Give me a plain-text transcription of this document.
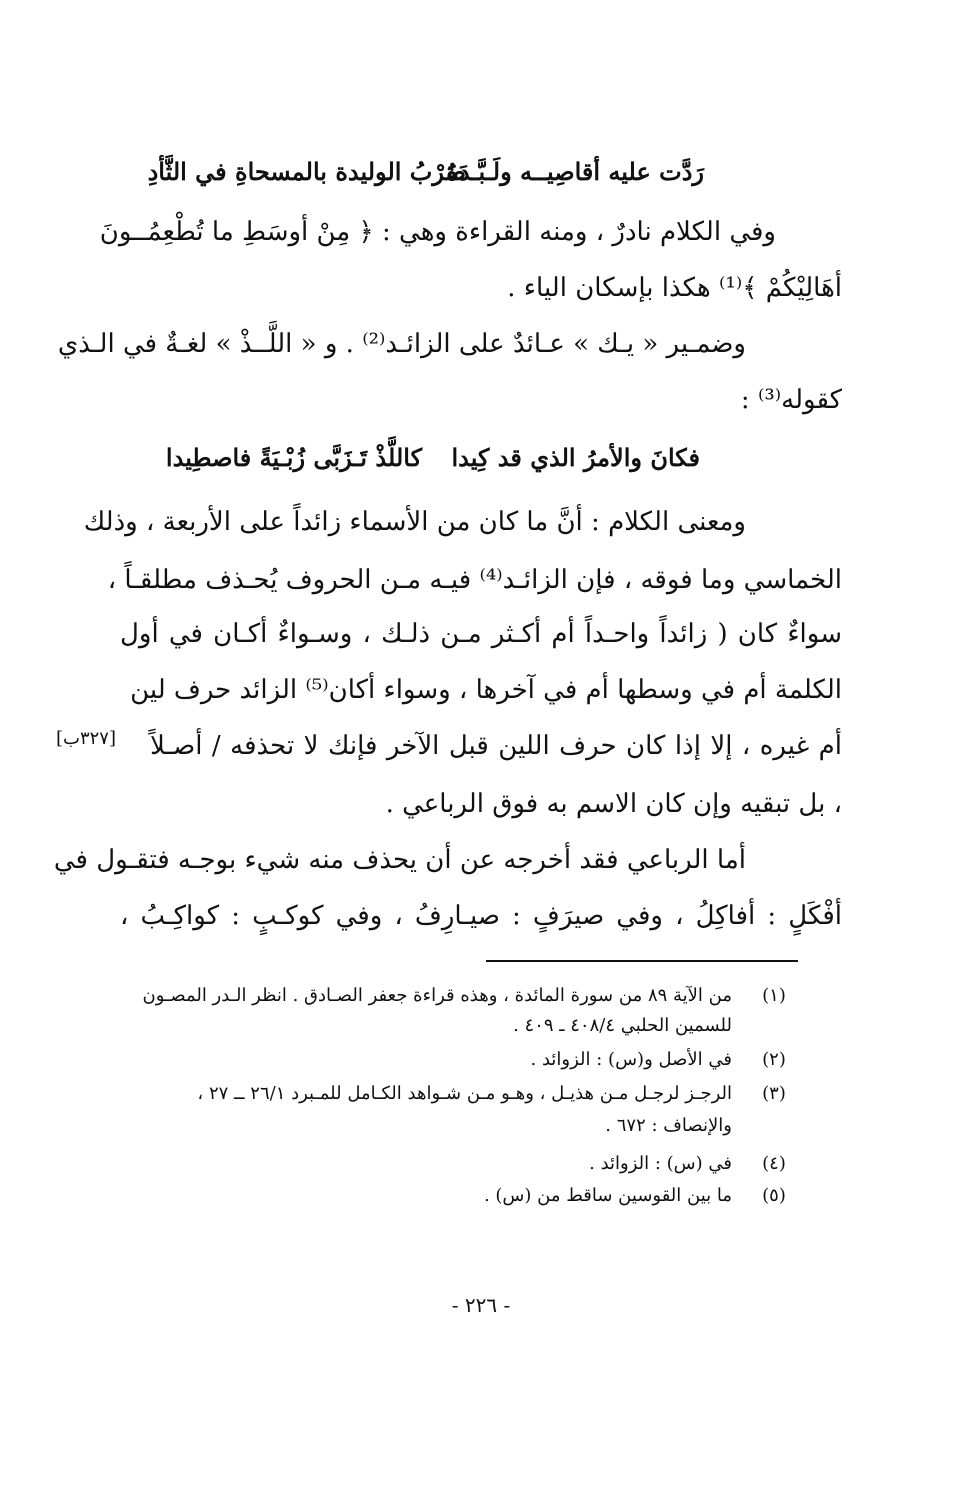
رَدَّت عليه أقاصِيــه ولَـبَّـدَهُ
ضَرْبُ الوليدة بالمسحاةِ في الثَّأدِ
وفي الكلام نادرٌ ، ومنه القراءة وهي : ﴿ مِنْ أوسَطِ ما تُطْعِمُــونَ
أهَالِيْكُمْ ﴾⁽¹⁾ هكذا بإسكان الياء .
وضمـير « يـك » عـائدٌ على الزائـد⁽²⁾ . و « اللَّــذْ » لغـةٌ في الـذي
كقوله⁽³⁾ :
فكانَ والأمرُ الذي قد كِيدا
كاللَّذْ تَـزَبَّى زُبْـيَةً فاصطِيدا
ومعنى الكلام : أنَّ ما كان من الأسماء زائداً على الأربعة ، وذلك
الخماسي وما فوقه ، فإن الزائـد⁽⁴⁾ فيـه مـن الحروف يُحـذف مطلقـاً ،
سواءٌ كان ( زائداً واحـداً أم أكـثر مـن ذلـك ، وسـواءٌ أكـان في أول
الكلمة أم في وسطها أم في آخرها ، وسواء أكان⁽⁵⁾ الزائد حرف لين
أم غيره ، إلا إذا كان حرف اللين قبل الآخر فإنك لا تحذفه / أصـلاً
، بل تبقيه وإن كان الاسم به فوق الرباعي .
[٣٢٧ب]
أما الرباعي فقد أخرجه عن أن يحذف منه شيء بوجـه فتقـول في
أفْكَلٍ : أفاكِلُ ، وفي صيرَفٍ : صيـارِفُ ، وفي كوكـبٍ : كواكِـبُ ،
(١)
من الآية ٨٩ من سورة المائدة ، وهذه قراءة جعفر الصـادق . انظر الـدر المصـون
للسمين الحلبي ٤٠٨/٤ ـ ٤٠٩ .
(٢)
في الأصل و(س) : الزوائد .
(٣)
الرجـز لرجـل مـن هذيـل ، وهـو مـن شـواهد الكـامل للمـبرد ٢٦/١ ــ ٢٧ ،
والإنصاف : ٦٧٢ .
(٤)
في (س) : الزوائد .
(٥)
ما بين القوسين ساقط من (س) .
- ٢٢٦ -
